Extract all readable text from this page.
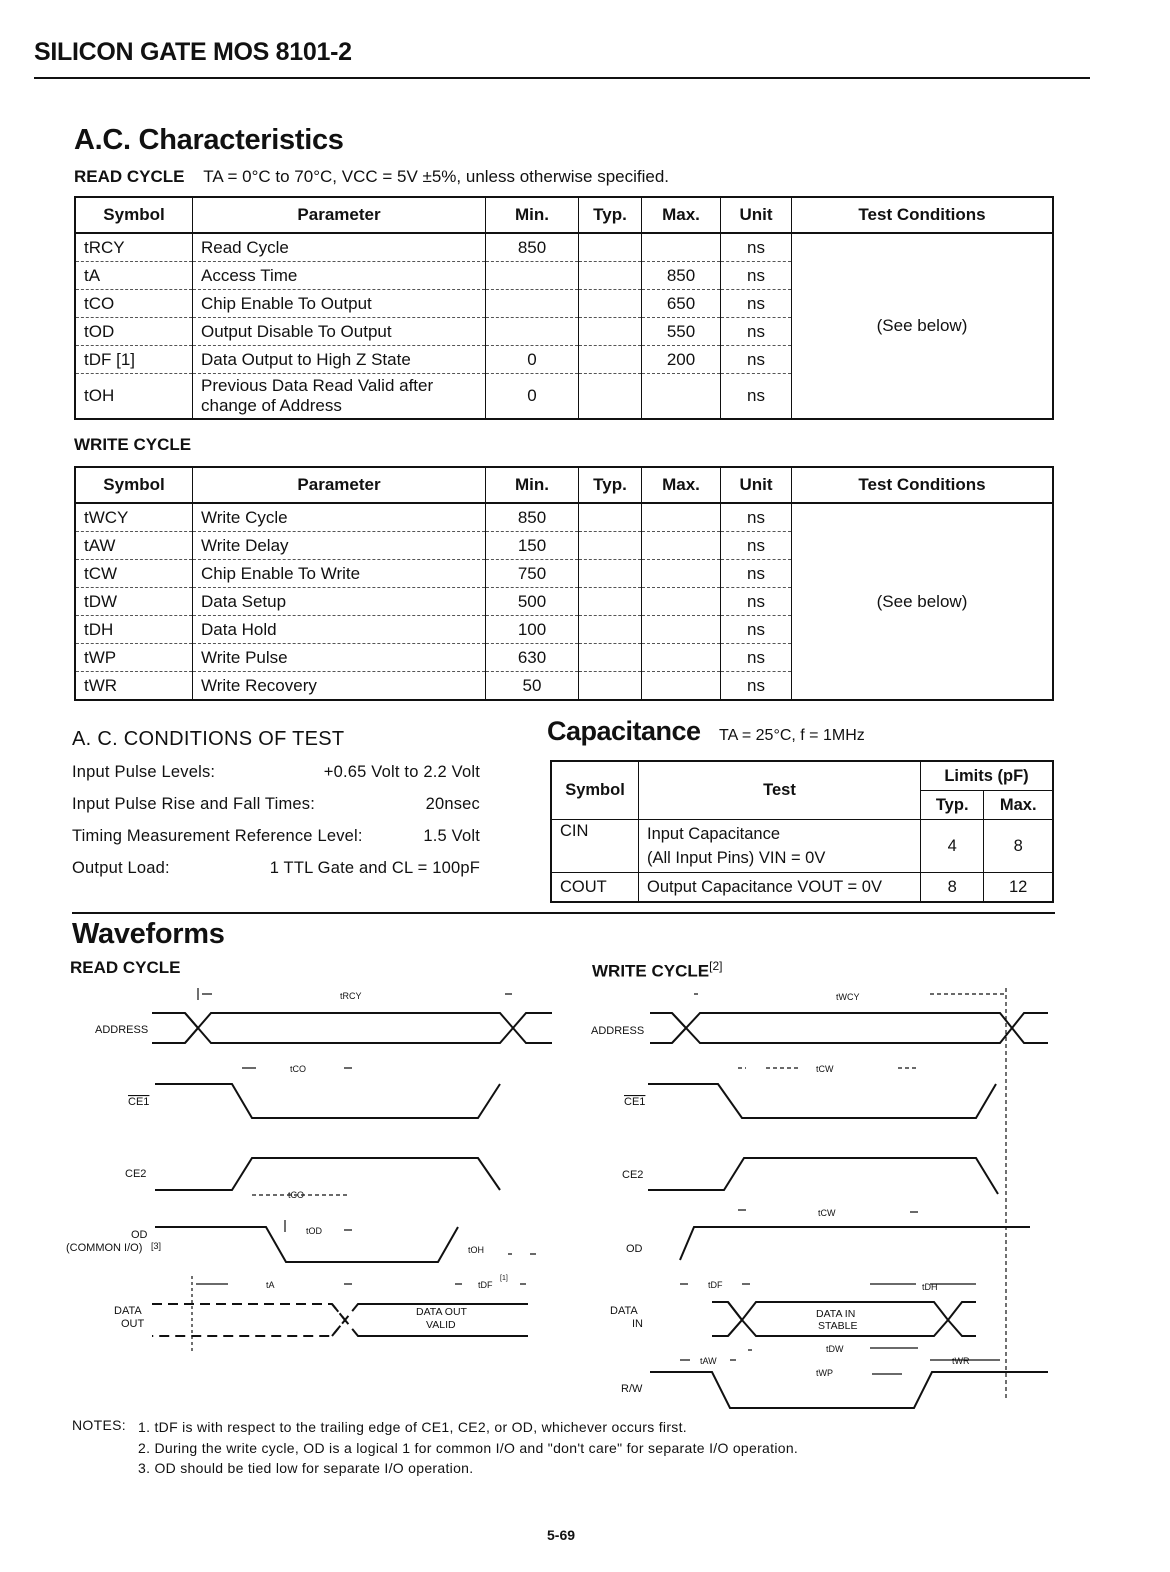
SILICON GATE MOS 8101-2
A.C. Characteristics
READ CYCLE TA = 0°C to 70°C, VCC = 5V ±5%, unless otherwise specified.
Symbol	Parameter	Min.	Typ.	Max.	Unit	Test Conditions
tRCY	Read Cycle	850			ns	(See below)
tA	Access Time			850	ns	
tCO	Chip Enable To Output			650	ns	
tOD	Output Disable To Output			550	ns	
tDF [1]	Data Output to High Z State	0		200	ns	
tOH	Previous Data Read Valid after change of Address	0			ns	
WRITE CYCLE
Symbol	Parameter	Min.	Typ.	Max.	Unit	Test Conditions
tWCY	Write Cycle	850			ns	(See below)
tAW	Write Delay	150			ns	
tCW	Chip Enable To Write	750			ns	
tDW	Data Setup	500			ns	
tDH	Data Hold	100			ns	
tWP	Write Pulse	630			ns	
tWR	Write Recovery	50			ns	
A. C. CONDITIONS OF TEST
Input Pulse Levels:	+0.65 Volt to 2.2 Volt
Input Pulse Rise and Fall Times:	20nsec
Timing Measurement Reference Level:	1.5 Volt
Output Load:	1 TTL Gate and CL = 100pF
Capacitance TA = 25°C, f = 1MHz
Symbol	Test	Limits (pF)	
		Typ.	Max.
CIN	Input Capacitance
(All Input Pins) VIN = 0V	4	8
COUT	Output Capacitance VOUT = 0V	8	12
Waveforms
READ CYCLE	WRITE CYCLE[2]
ADDRESS
CE1
CE2
OD
(COMMON I/O) [3]
DATA
OUT
DATA OUT
VALID
tRCY
tCO
tCO
tOD
tOH
tA	tDF
[1]
ADDRESS
CE1
CE2
OD
DATA
IN
DATA IN
STABLE
R/W
tWCY
tCW
tCW
tDF	tDH
tDW
tAW
tWP
tWR
NOTES: 1. tDF is with respect to the trailing edge of CE1, CE2, or OD, whichever occurs first.
2. During the write cycle, OD is a logical 1 for common I/O and "don't care" for separate I/O operation.
3. OD should be tied low for separate I/O operation.
5-69
